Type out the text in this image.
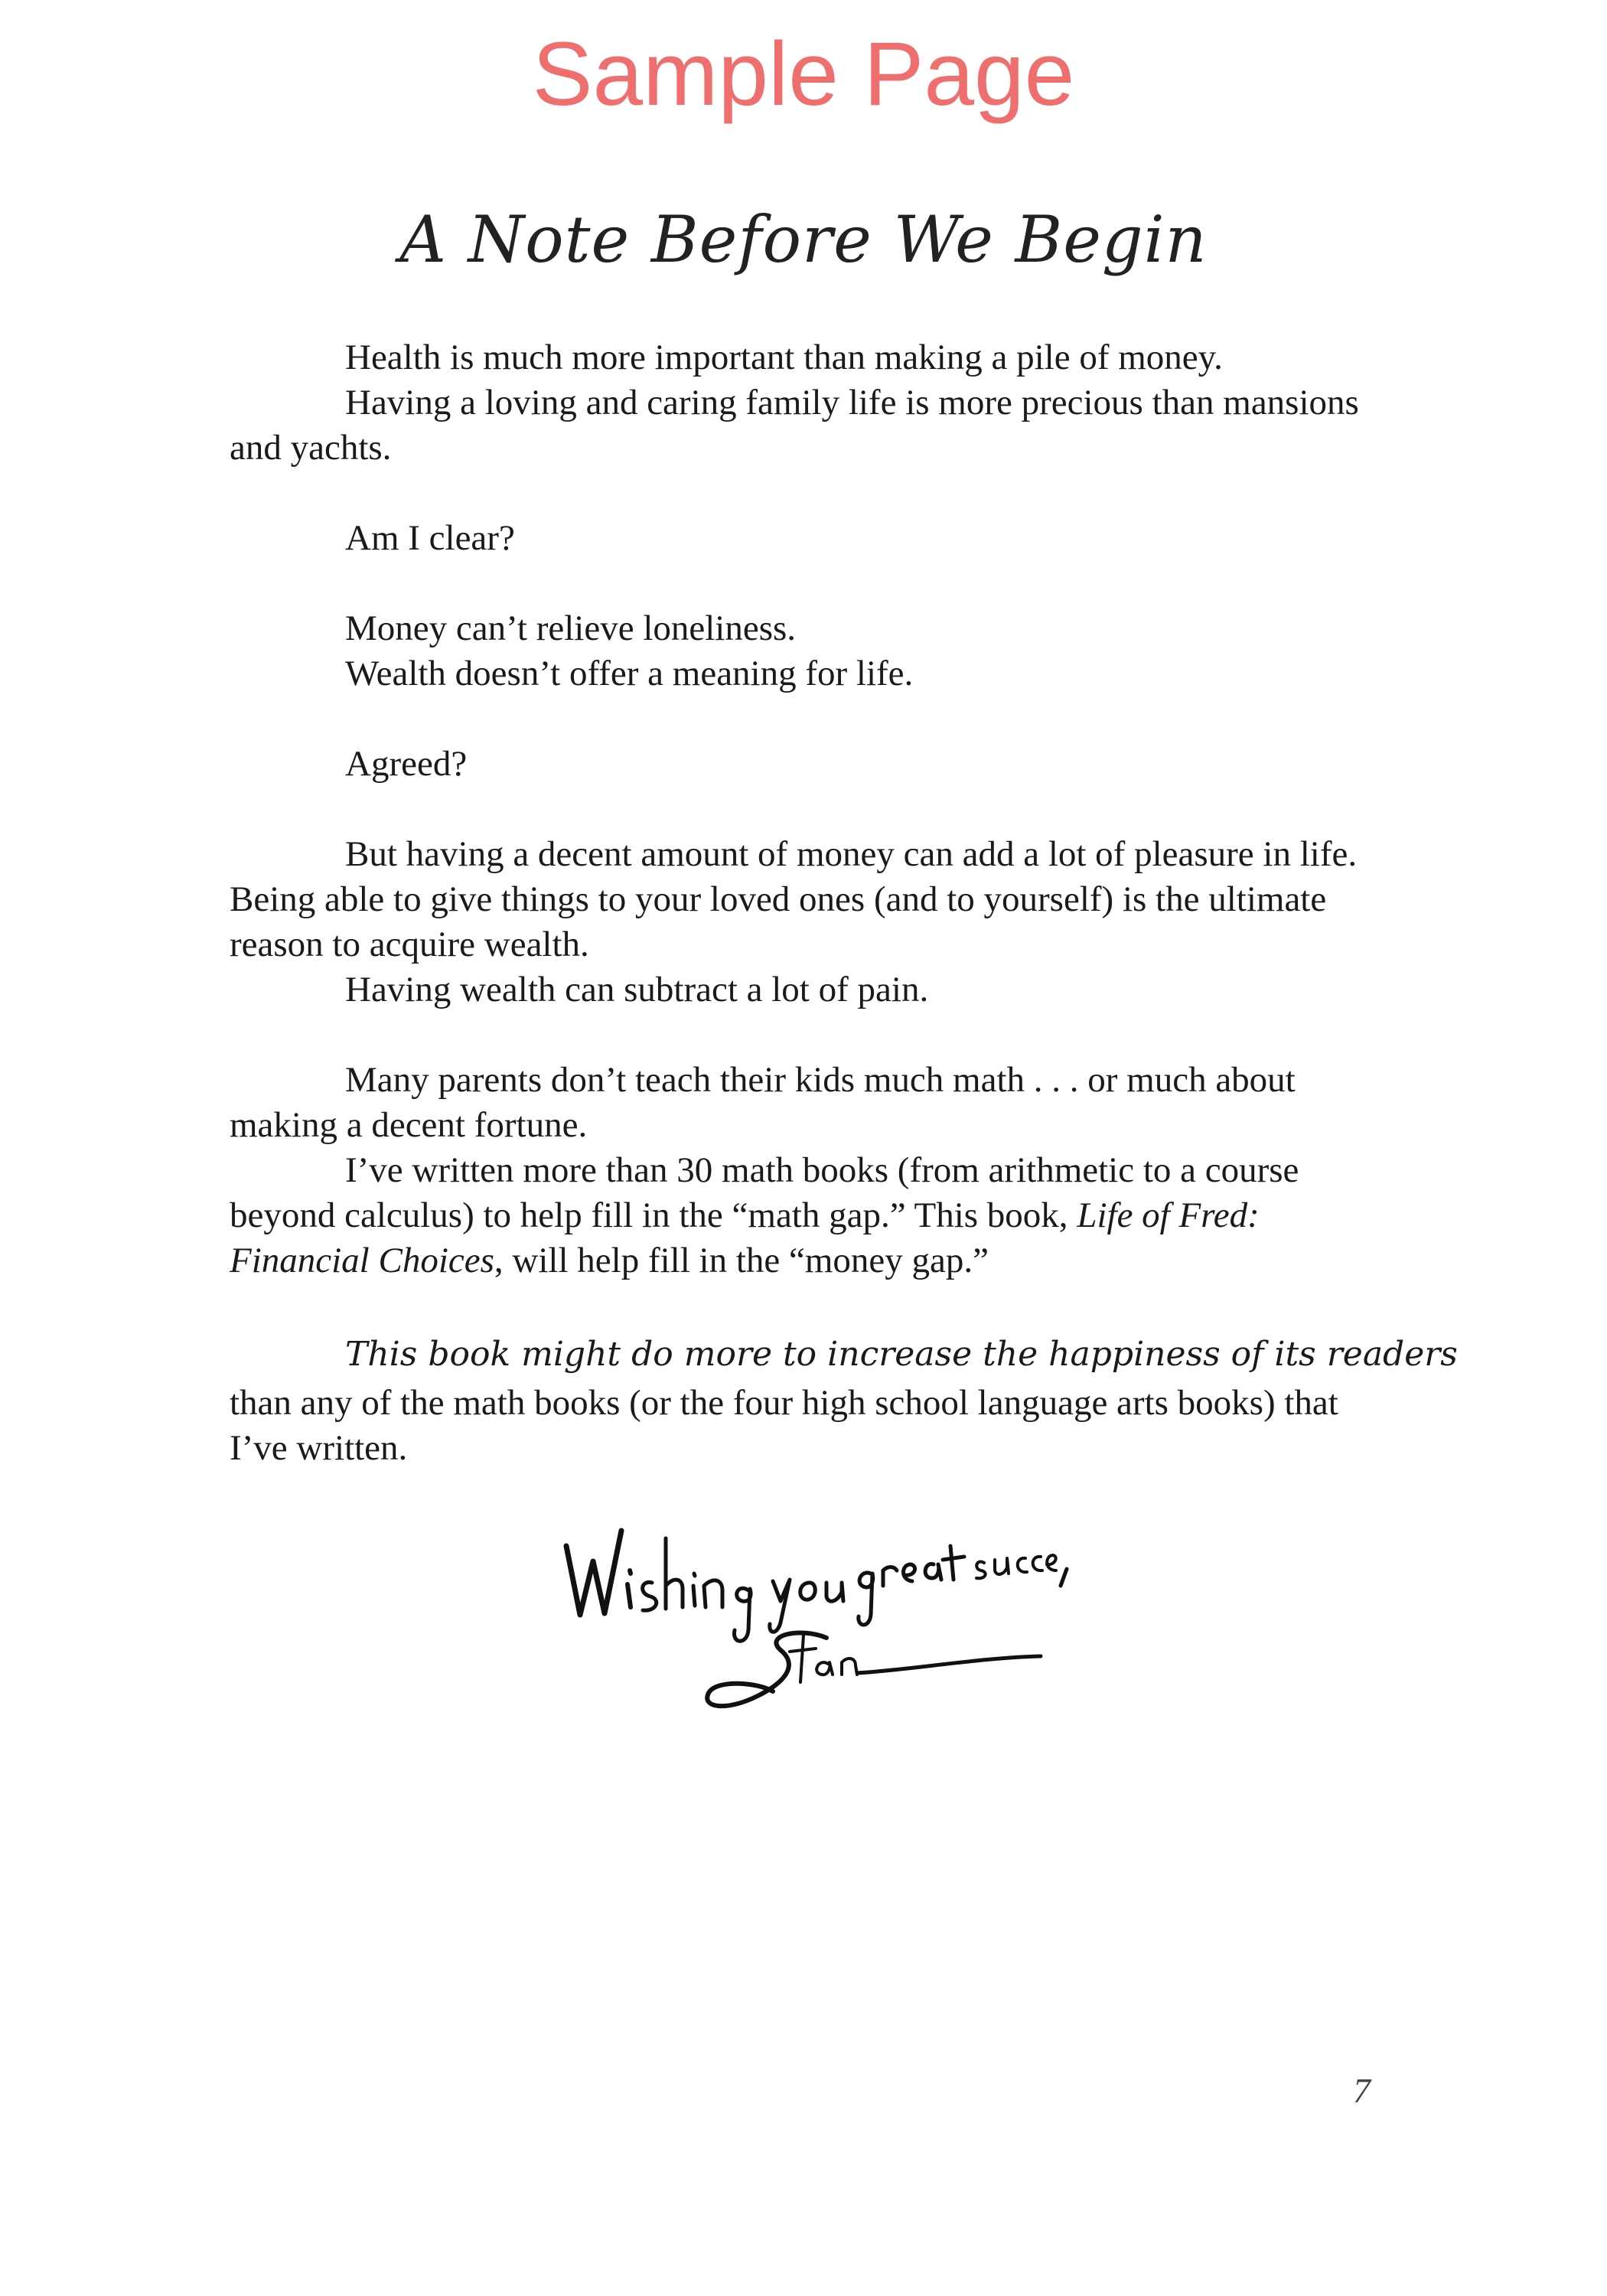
Sample Page
A Note Before We Begin

Health is much more important than making a pile of money.

Having a loving and caring family life is more precious than mansions and yachts.

Am I clear?

Money can’t relieve loneliness.

Wealth doesn’t offer a meaning for life.

Agreed?

But having a decent amount of money can add a lot of pleasure in life. Being able to give things to your loved ones (and to yourself) is the ultimate reason to acquire wealth.

Having wealth can subtract a lot of pain.

Many parents don’t teach their kids much math . . . or much about making a decent fortune.

I’ve written more than 30 math books (from arithmetic to a course beyond calculus) to help fill in the “math gap.” This book, Life of Fred: Financial Choices, will help fill in the “money gap.”

This book might do more to increase the happiness of its readers
than any of the math books (or the four high school language arts books) that I’ve written.

7
